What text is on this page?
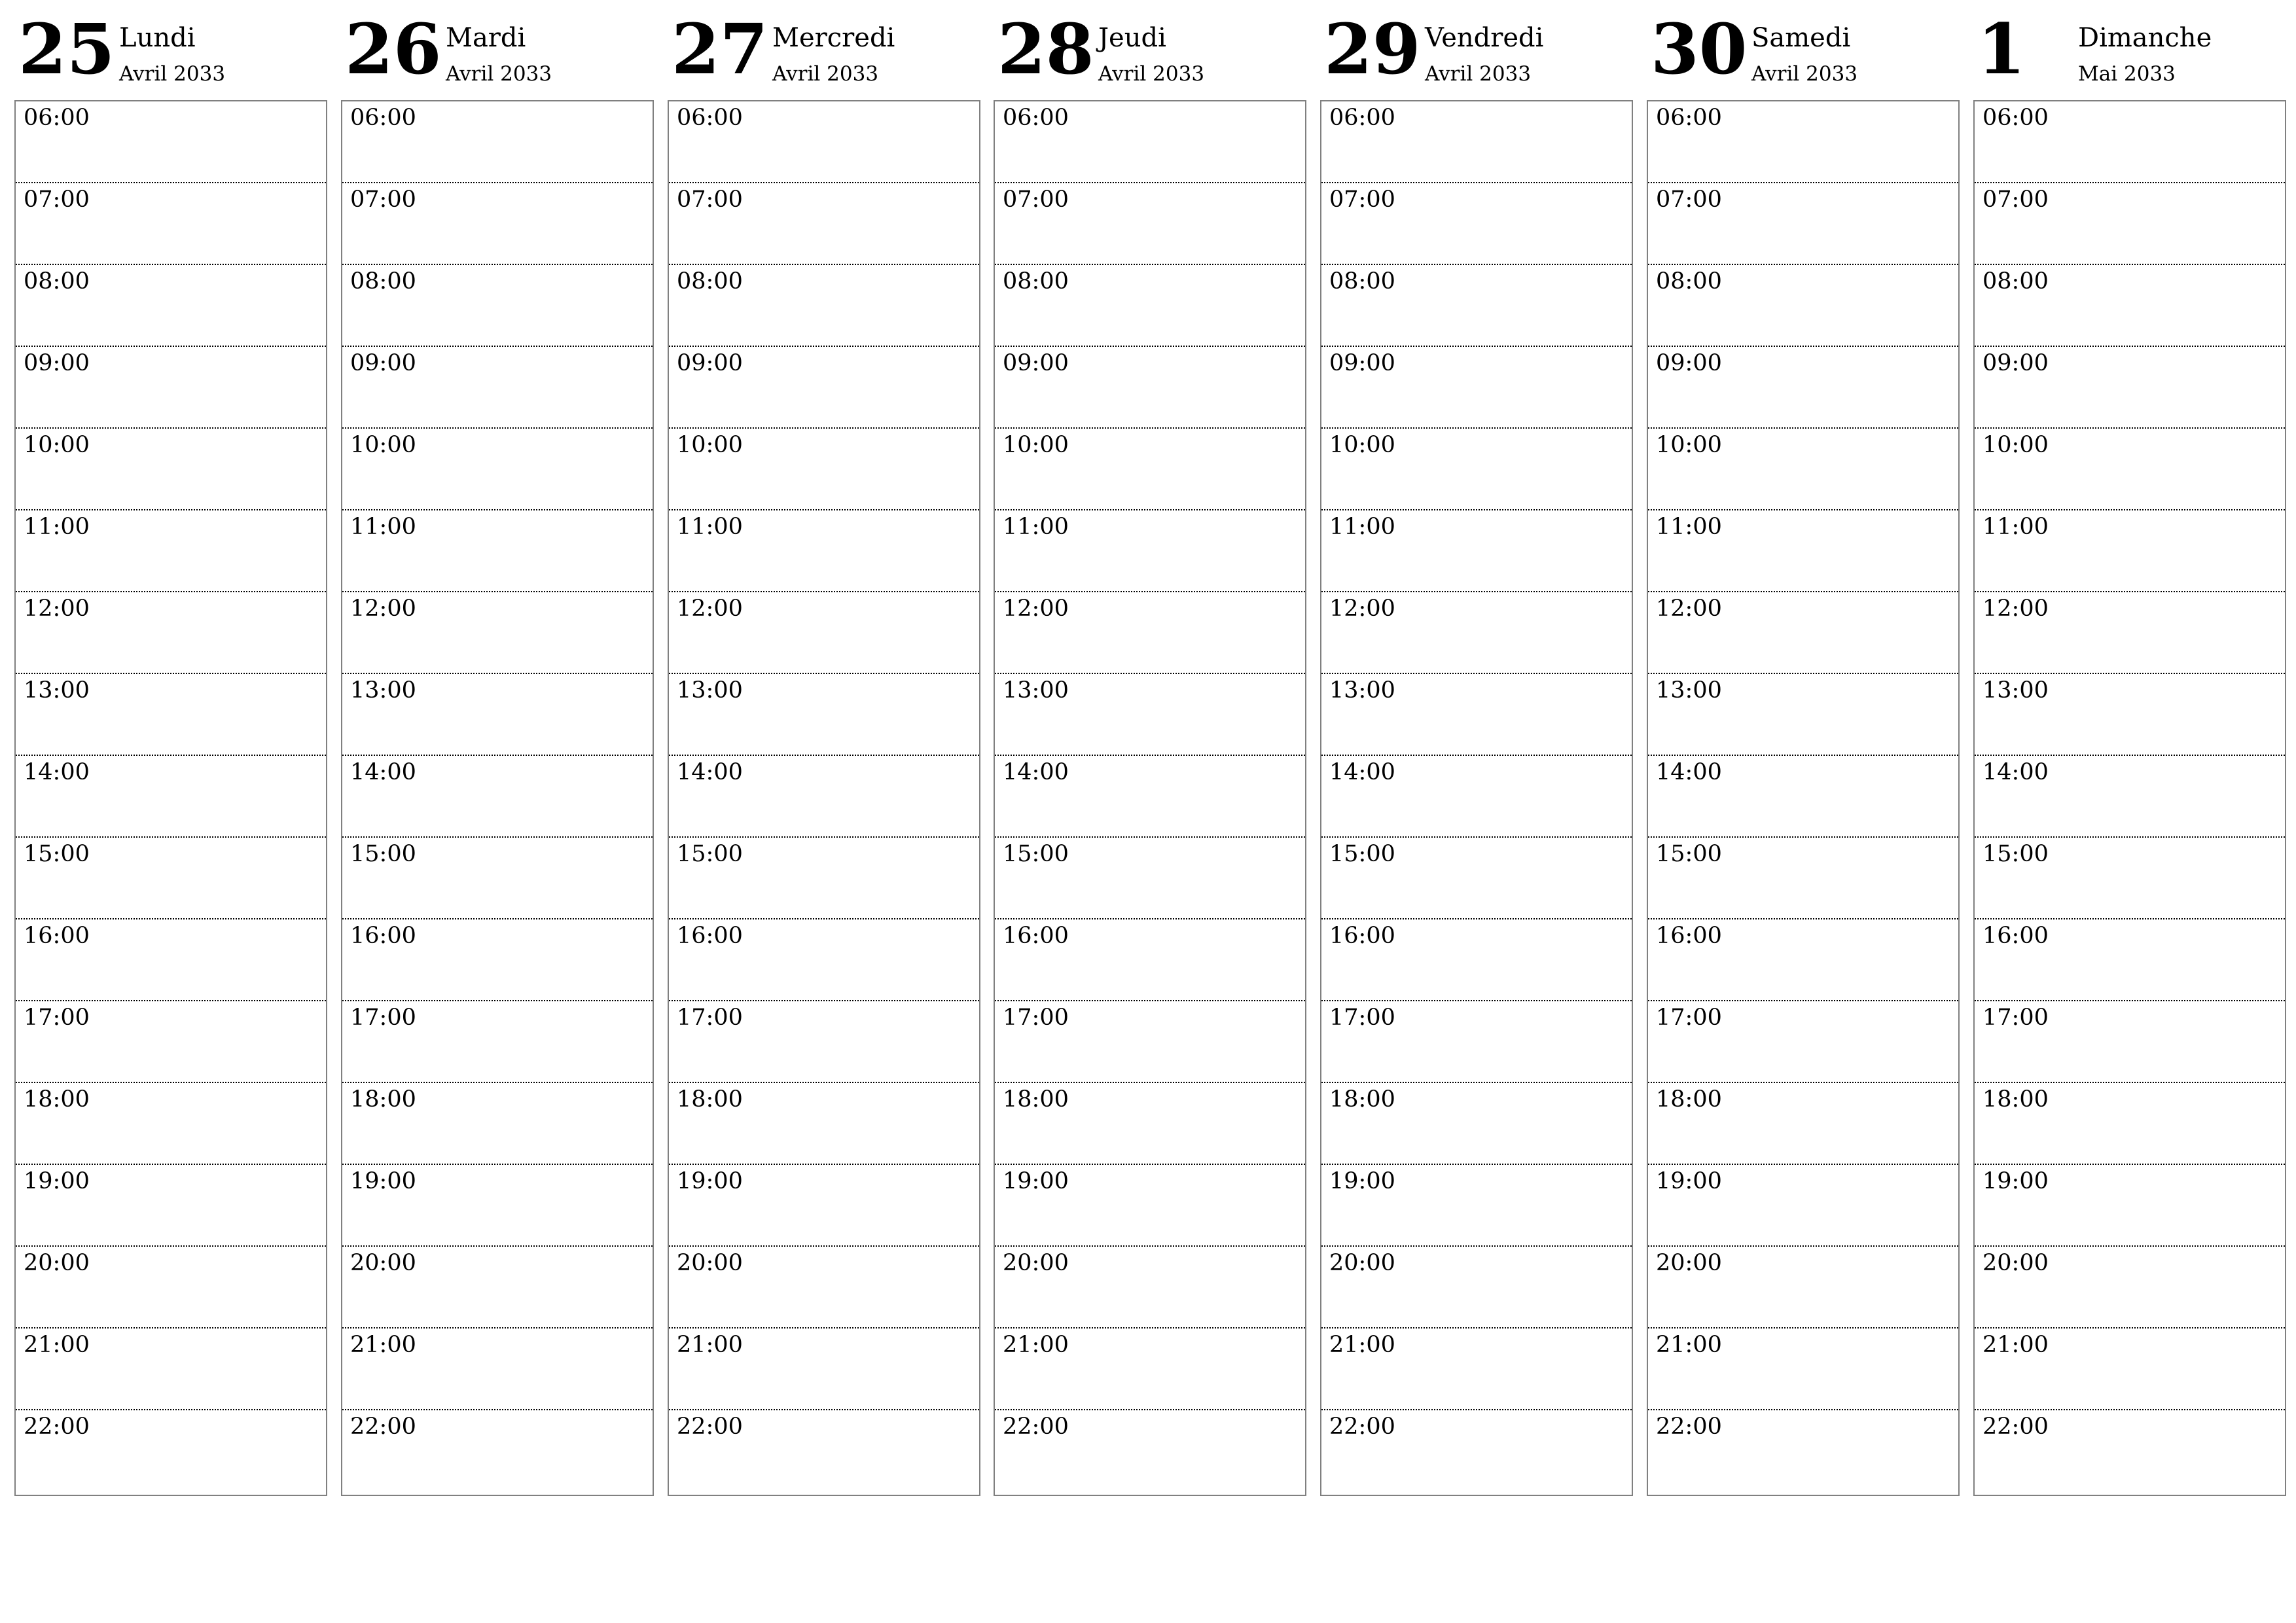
25 Lundi
Avril 2033
06:00
07:00
08:00
09:00
10:00
11:00
12:00
13:00
14:00
15:00
16:00
17:00
18:00
19:00
20:00
21:00
22:00
26 Mardi
Avril 2033
06:00
07:00
08:00
09:00
10:00
11:00
12:00
13:00
14:00
15:00
16:00
17:00
18:00
19:00
20:00
21:00
22:00
27 Mercredi
Avril 2033
06:00
07:00
08:00
09:00
10:00
11:00
12:00
13:00
14:00
15:00
16:00
17:00
18:00
19:00
20:00
21:00
22:00
28 Jeudi
Avril 2033
06:00
07:00
08:00
09:00
10:00
11:00
12:00
13:00
14:00
15:00
16:00
17:00
18:00
19:00
20:00
21:00
22:00
29 Vendredi
Avril 2033
06:00
07:00
08:00
09:00
10:00
11:00
12:00
13:00
14:00
15:00
16:00
17:00
18:00
19:00
20:00
21:00
22:00
30 Samedi
Avril 2033
06:00
07:00
08:00
09:00
10:00
11:00
12:00
13:00
14:00
15:00
16:00
17:00
18:00
19:00
20:00
21:00
22:00
1 Dimanche
Mai 2033
06:00
07:00
08:00
09:00
10:00
11:00
12:00
13:00
14:00
15:00
16:00
17:00
18:00
19:00
20:00
21:00
22:00
